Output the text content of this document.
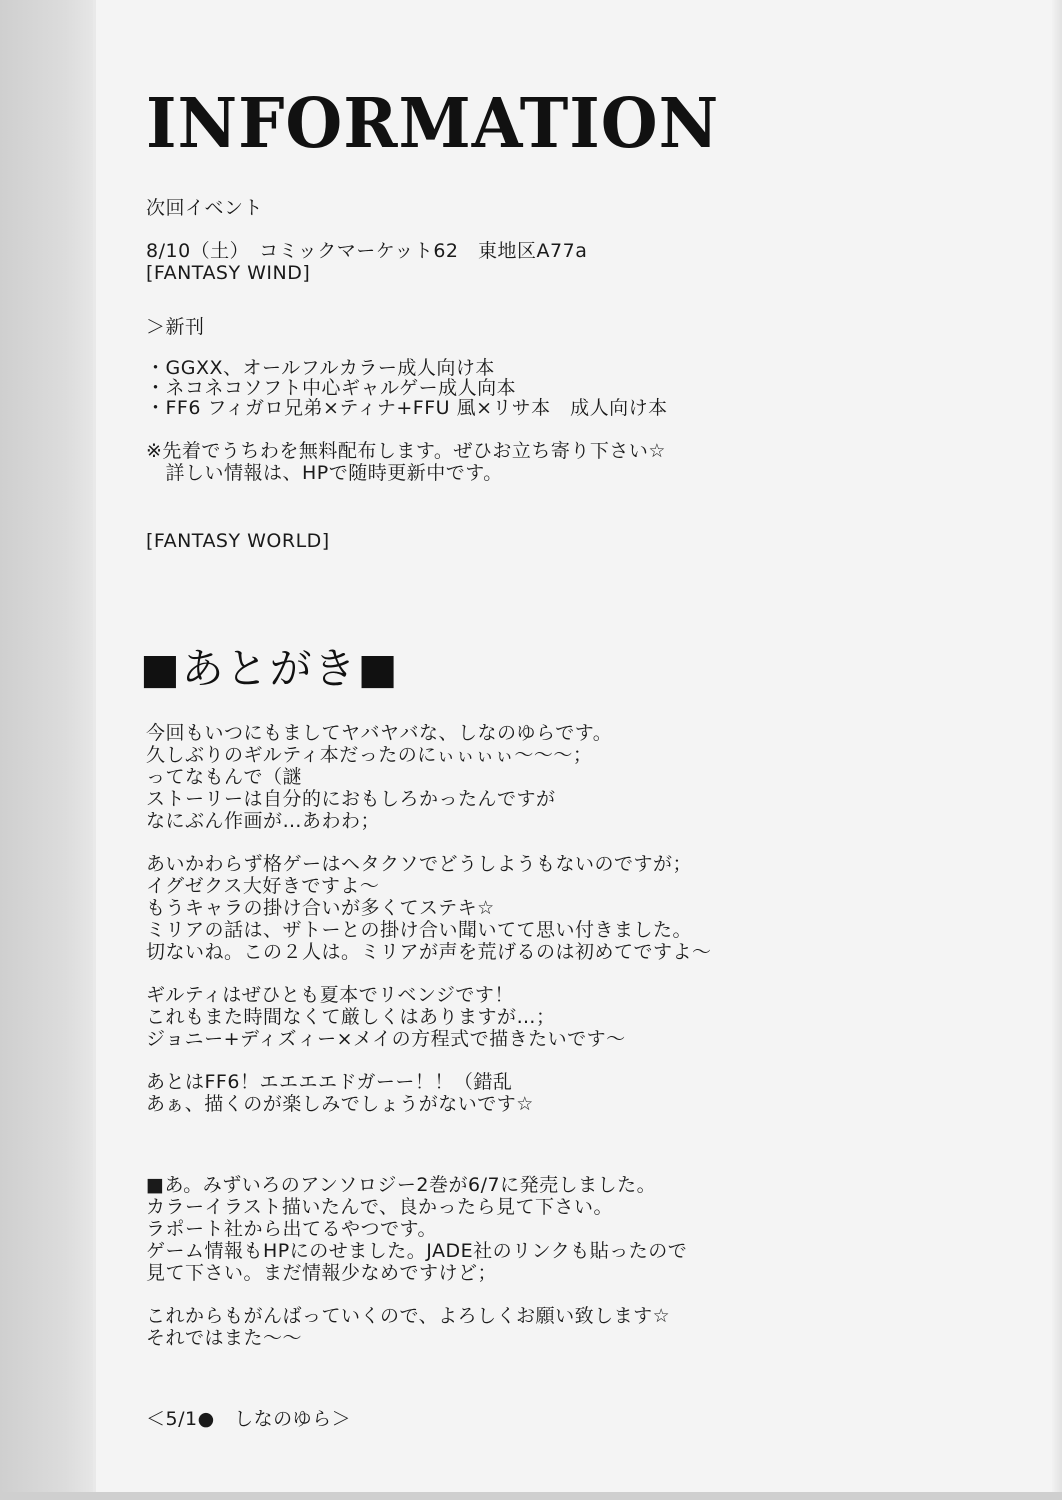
INFORMATION
次回イベント
8/10（土）　コミックマーケット62　東地区A77a
[FANTASY WIND]
＞新刊
・GGXX、オールフルカラー成人向け本
・ネコネコソフト中心ギャルゲー成人向本
・FF6 フィガロ兄弟×ティナ+FFU 風×リサ本　成人向け本
※先着でうちわを無料配布します。ぜひお立ち寄り下さい☆
　詳しい情報は、HPで随時更新中です。
[FANTASY WORLD]
■あとがき■
今回もいつにもましてヤバヤバな、しなのゆらです。
久しぶりのギルティ本だったのにぃぃぃぃ～～～；
ってなもんで（謎
ストーリーは自分的におもしろかったんですが
なにぶん作画が…あわわ；
あいかわらず格ゲーはヘタクソでどうしようもないのですが；
イグゼクス大好きですよ～
もうキャラの掛け合いが多くてステキ☆
ミリアの話は、ザトーとの掛け合い聞いてて思い付きました。
切ないね。この２人は。ミリアが声を荒げるのは初めてですよ～
ギルティはぜひとも夏本でリベンジです！
これもまた時間なくて厳しくはありますが…；
ジョニー+ディズィー×メイの方程式で描きたいです～
あとはFF6！エエエエドガーー！！（錯乱
あぁ、描くのが楽しみでしょうがないです☆
■あ。みずいろのアンソロジー2巻が6/7に発売しました。
カラーイラスト描いたんで、良かったら見て下さい。
ラポート社から出てるやつです。
ゲーム情報もHPにのせました。JADE社のリンクも貼ったので
見て下さい。まだ情報少なめですけど；
これからもがんばっていくので、よろしくお願い致します☆
それではまた～～
＜5/1●　しなのゆら＞
